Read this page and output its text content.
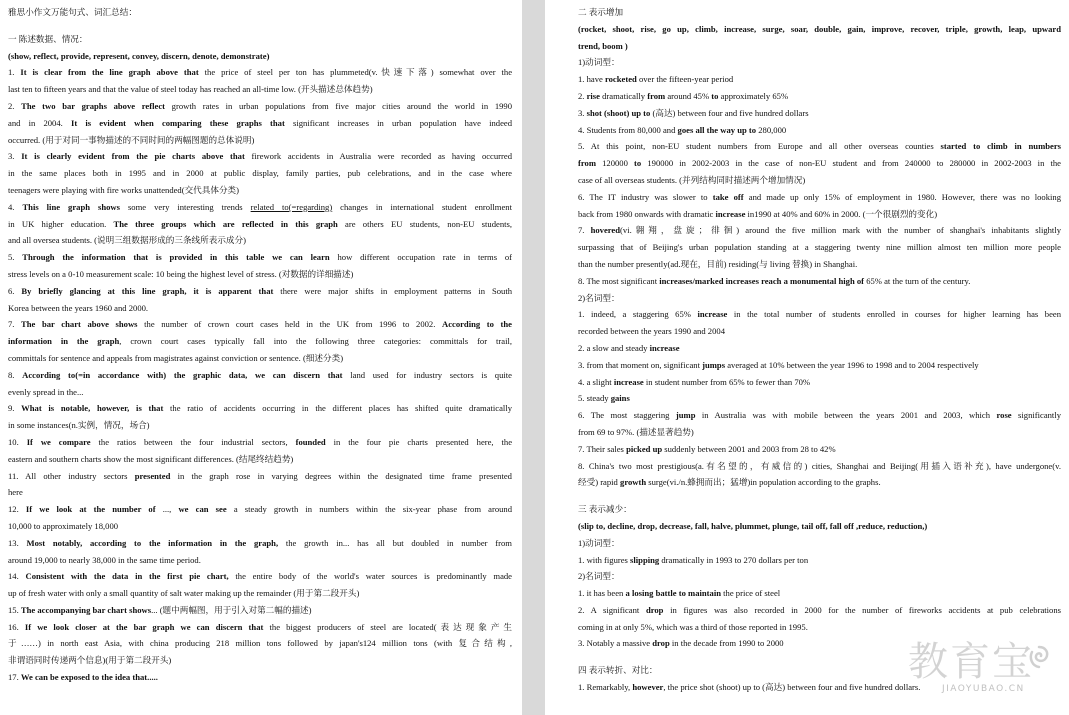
雅思小作文万能句式、词汇总结：
一 陈述数据、情况：
(show, reflect, provide, represent, convey, discern, denote, demonstrate)
1. It is clear from the line graph above that the price of steel per ton has plummeted(v.快速下落) somewhat over the
last ten to fifteen years and that the value of steel today has reached an all-time low. (开头描述总体趋势)
2. The two bar graphs above reflect growth rates in urban populations from five major cities around the world in 1990
and in 2004. It is evident when comparing these graphs that significant increases in urban population have indeed
occurred. (用于对同一事物描述的不同时间的两幅图题的总体说明)
3. It is clearly evident from the pie charts above that firework accidents in Australia were recorded as having occurred
in the same places both in 1995 and in 2000 at public display, family parties, pub celebrations, and in the case where
teenagers were playing with fire works unattended(交代具体分类)
4. This line graph shows some very interesting trends related to(=regarding) changes in international student enrollment
in UK higher education. The three groups which are reflected in this graph are others EU students, non-EU students,
and all oversea students. (说明三组数据形成的三条线所表示成分)
5. Through the information that is provided in this table we can learn how different occupation rate in terms of
stress levels on a 0-10 measurement scale: 10 being the highest level of stress. (对数据的详细描述)
6. By briefly glancing at this line graph, it is apparent that there were major shifts in employment patterns in South
Korea between the years 1960 and 2000.
7. The bar chart above shows the number of crown court cases held in the UK from 1996 to 2002. According to the
information in the graph, crown court cases typically fall into the following three categories: committals for trail,
committals for sentence and appeals from magistrates against conviction or sentence. (细述分类)
8. According to(=in accordance with) the graphic data, we can discern that land used for industry sectors is quite
evenly spread in the...
9. What is notable, however, is that the ratio of accidents occurring in the different places has shifted quite dramatically
in some instances(n.实例，情况，场合)
10. If we compare the ratios between the four industrial sectors, founded in the four pie charts presented here, the
eastern and southern charts show the most significant differences. (结尾终结趋势)
11. All other industry sectors presented in the graph rose in varying degrees within the designated time frame presented
here
12. If we look at the number of ..., we can see a steady growth in numbers within the six-year phase from around
10,000 to approximately 18,000
13. Most notably, according to the information in the graph, the growth in... has all but doubled in number from
around 19,000 to nearly 38,000 in the same time period.
14. Consistent with the data in the first pie chart, the entire body of the world's water sources is predominantly made
up of fresh water with only a small quantity of salt water making up the remainder (用于第二段开头)
15. The accompanying bar chart shows... (题中两幅图，用于引入对第二幅的描述)
16. If we look closer at the bar graph we can discern that the biggest producers of steel are located(表达现象产生
于……) in north east Asia, with china producing 218 million tons followed by japan's124 million tons (with 复合结构,
非谓语同时传递两个信息)(用于第二段开头)
17. We can be exposed to the idea that.....
二 表示增加
(rocket, shoot, rise, go up, climb, increase, surge, soar, double, gain, improve, recover, triple, growth, leap, upward
trend, boom )
1)动词型：
1. have rocketed over the fifteen-year period
2. rise dramatically from around 45% to approximately 65%
3. shot (shoot) up to (高达) between four and five hundred dollars
4. Students from 80,000 and goes all the way up to 280,000
5. At this point, non-EU student numbers from Europe and all other overseas counties started to climb in numbers
from 120000 to 190000 in 2002-2003 in the case of non-EU student and from 240000 to 280000 in 2002-2003 in the
case of all overseas students. (并列结构同时描述两个增加情况)
6. The IT industry was slower to take off and made up only 15% of employment in 1980. However, there was no looking
back from 1980 onwards with dramatic increase in1990 at 40% and 60% in 2000. (一个很剧烈的变化)
7. hovered(vi.翱翔，盘旋；徘徊) around the five million mark with the number of shanghai's inhabitants slightly
surpassing that of Beijing's urban population standing at a staggering twenty nine million almost ten million more people
than the number presently(ad.现在，目前) residing(与 living 替换) in Shanghai.
8. The most significant increases/marked increases reach a monumental high of 65% at the turn of the century.
2)名词型：
1. indeed, a staggering 65% increase in the total number of students enrolled in courses for higher learning has been
recorded between the years 1990 and 2004
2. a slow and steady increase
3. from that moment on, significant jumps averaged at 10% between the year 1996 to 1998 and to 2004 respectively
4. a slight increase in student number from 65% to fewer than 70%
5. steady gains
6. The most staggering jump in Australia was with mobile between the years 2001 and 2003, which rose significantly
from 69 to 97%. (描述显著趋势)
7. Their sales picked up suddenly between 2001 and 2003 from 28 to 42%
8. China's two most prestigious(a.有名望的，有威信的) cities, Shanghai and Beijing(用插入语补充), have undergone(v.
经受) rapid growth surge(vi./n.蜂拥而出；猛增)in population according to the graphs.
三 表示减少：
(slip to, decline, drop, decrease, fall, halve, plummet, plunge, tail off, fall off ,reduce, reduction,)
1)动词型：
1. with figures slipping dramatically in 1993 to 270 dollars per ton
2)名词型：
1. it has been a losing battle to maintain the price of steel
2. A significant drop in figures was also recorded in 2000 for the number of fireworks accidents at pub celebrations
coming in at only 5%, which was a third of those reported in 1995.
3. Notably a massive drop in the decade from 1990 to 2000
四 表示转折、对比：
1. Remarkably, however, the price shot (shoot) up to (高达) between four and five hundred dollars.
教育宝
JIAOYUBAO.CN
